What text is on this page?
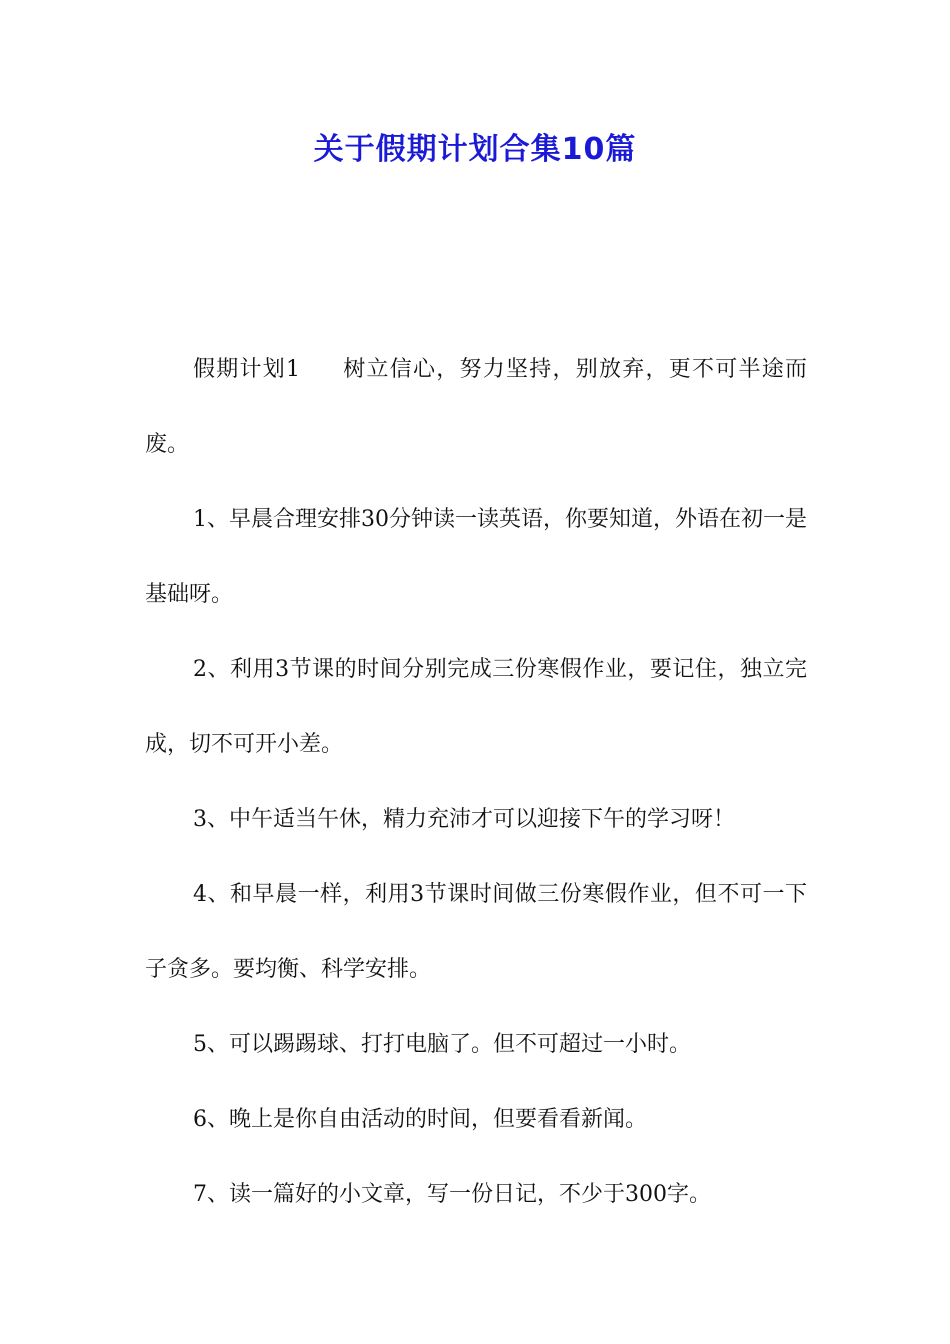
关于假期计划合集10篇

假期计划1 树立信心，努力坚持，别放弃，更不可半途而废。

1、早晨合理安排30分钟读一读英语，你要知道，外语在初一是基础呀。

2、利用3节课的时间分别完成三份寒假作业，要记住，独立完成，切不可开小差。

3、中午适当午休，精力充沛才可以迎接下午的学习呀！

4、和早晨一样，利用3节课时间做三份寒假作业，但不可一下子贪多。要均衡、科学安排。

5、可以踢踢球、打打电脑了。但不可超过一小时。

6、晚上是你自由活动的时间，但要看看新闻。

7、读一篇好的小文章，写一份日记，不少于300字。
